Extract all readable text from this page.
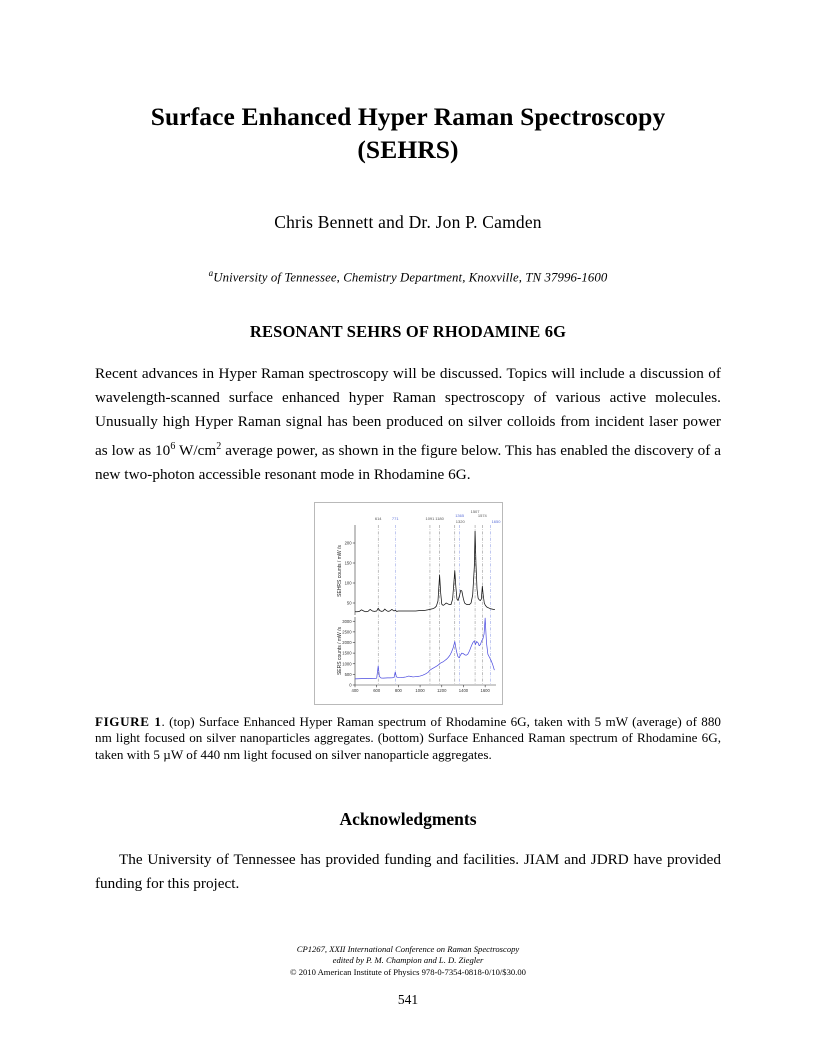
Surface Enhanced Hyper Raman Spectroscopy
(SEHRS)
Chris Bennett and Dr. Jon P. Camden
$^a$University of Tennessee, Chemistry Department, Knoxville, TN 37996-1600
RESONANT SEHRS OF RHODAMINE 6G

Recent advances in Hyper Raman spectroscopy will be discussed. Topics will include a discussion of wavelength-scanned surface enhanced hyper Raman spectroscopy of various active molecules. Unusually high Hyper Raman signal has been produced on silver colloids from incident laser power as low as $10^6$ $W/cm^2$ average power, as shown in the figure below. This has enabled the discovery of a new two-photon accessible resonant mode in Rhodamine 6G.

614	771	1091 1180
1320
1365
1507
1574
1650
50
100
150
200
SEHRS counts / mW /s
0
500
1000
1500
2000
2500
3000
400	600	800	1000	1200	1400	1600
SERS counts / mW /s

FIGURE 1. (top) Surface Enhanced Hyper Raman spectrum of Rhodamine 6G, taken with 5 mW (average) of 880 nm light focused on silver nanoparticles aggregates. (bottom) Surface Enhanced Raman spectrum of Rhodamine 6G, taken with 5 µW of 440 nm light focused on silver nanoparticle aggregates.

Acknowledgments

The University of Tennessee has provided funding and facilities. JIAM and JDRD have provided funding for this project.

CP1267, XXII International Conference on Raman Spectroscopy
edited by P. M. Champion and L. D. Ziegler
© 2010 American Institute of Physics 978-0-7354-0818-0/10/$30.00
541
